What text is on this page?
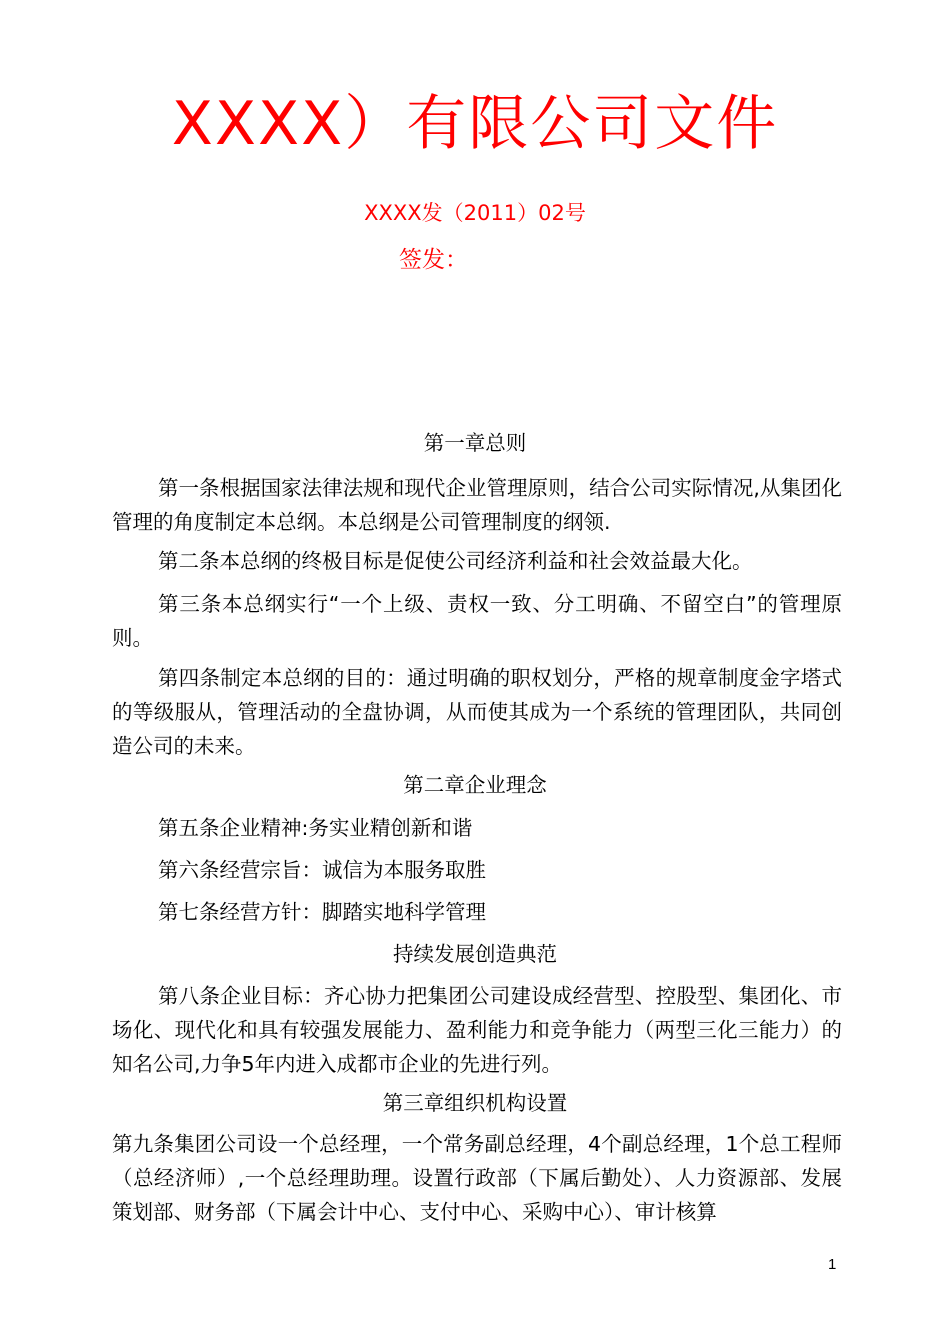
XXXX）有限公司文件
XXXX发（2011）02号
签发：
第一章总则

第一条根据国家法律法规和现代企业管理原则，结合公司实际情况,从集团化管理的角度制定本总纲。本总纲是公司管理制度的纲领.

第二条本总纲的终极目标是促使公司经济利益和社会效益最大化。

第三条本总纲实行“一个上级、责权一致、分工明确、不留空白”的管理原则。

第四条制定本总纲的目的：通过明确的职权划分，严格的规章制度金字塔式的等级服从，管理活动的全盘协调，从而使其成为一个系统的管理团队，共同创造公司的未来。

第二章企业理念

第五条企业精神:务实业精创新和谐

第六条经营宗旨：诚信为本服务取胜

第七条经营方针：脚踏实地科学管理

持续发展创造典范

第八条企业目标：齐心协力把集团公司建设成经营型、控股型、集团化、市场化、现代化和具有较强发展能力、盈利能力和竞争能力（两型三化三能力）的知名公司,力争5年内进入成都市企业的先进行列。

第三章组织机构设置

第九条集团公司设一个总经理，一个常务副总经理，4个副总经理，1个总工程师（总经济师）,一个总经理助理。设置行政部（下属后勤处）、人力资源部、发展策划部、财务部（下属会计中心、支付中心、采购中心）、审计核算

1
